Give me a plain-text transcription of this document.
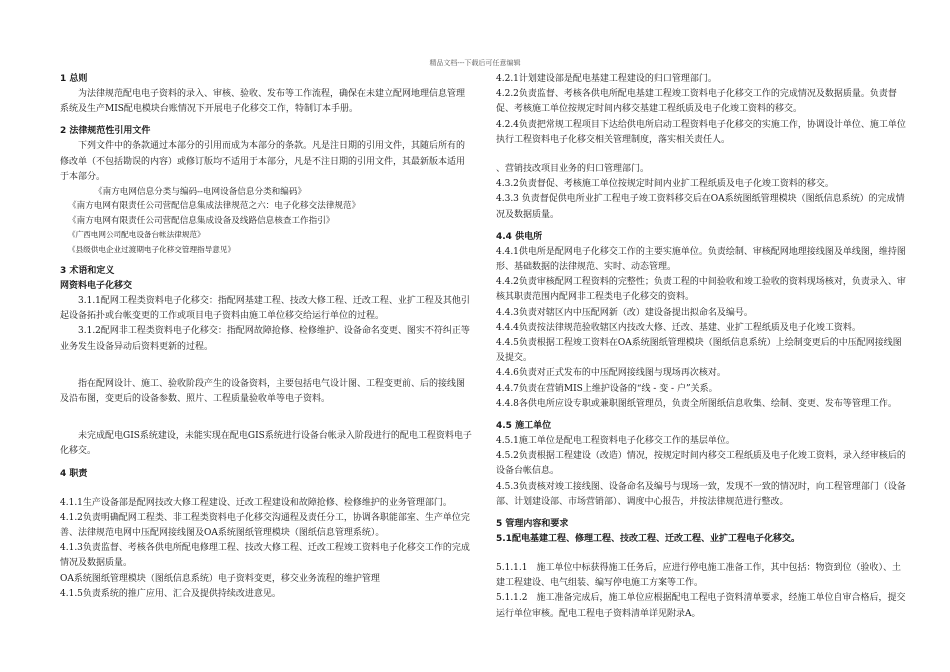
精品文档---下载后可任意编辑

1 总则

为法律规范配电电子资料的录入、审核、验收、发布等工作流程，确保在未建立配网地理信息管理系统及生产MIS配电模块台账情况下开展电子化移交工作，特制订本手册。

2 法律规范性引用文件

下列文件中的条款通过本部分的引用而成为本部分的条款。凡是注日期的引用文件，其随后所有的修改单（不包括勘误的内容）或修订版均不适用于本部分，凡是不注日期的引用文件，其最新版本适用于本部分。

《南方电网信息分类与编码--电网设备信息分类和编码》

《南方电网有限责任公司营配信息集成法律规范之六：电子化移交法律规范》

《南方电网有限责任公司营配信息集成设备及线路信息核查工作指引》

《广西电网公司配电设备台帐法律规范》

《县级供电企业过渡期电子化移交管理指导意见》

3 术语和定义

网资料电子化移交

3.1.1配网工程类资料电子化移交：指配网基建工程、技改大修工程、迁改工程、业扩工程及其他引起设备拓扑或台帐变更的工作或项目电子资料由施工单位移交给运行单位的过程。

3.1.2配网非工程类资料电子化移交：指配网故障抢修、检修维护、设备命名变更、图实不符纠正等业务发生设备异动后资料更新的过程。

指在配网设计、施工、验收阶段产生的设备资料，主要包括电气设计图、工程变更前、后的接线图及沿布图，变更后的设备参数、照片、工程质量验收单等电子资料。

未完成配电GIS系统建设，未能实现在配电GIS系统进行设备台帐录入阶段进行的配电工程资料电子化移交。

4 职责

4.1.1生产设备部是配网技改大修工程建设、迁改工程建设和故障抢修、检修维护的业务管理部门。

4.1.2负责明确配网工程类、非工程类资料电子化移交沟通程及责任分工，协调各职能部室、生产单位完善、法律规范电网中压配网接线图及OA系统图纸管理模块（图纸信息管理系统）。

4.1.3负责监督、考核各供电所配电修理工程、技改大修工程、迁改工程竣工资料电子化移交工作的完成情况及数据质量。

OA系统图纸管理模块（图纸信息系统）电子资料变更，移交业务流程的维护管理

4.1.5负责系统的推广应用、汇合及提供持续改进意见。

4.2.1计划建设部是配电基建工程建设的归口管理部门。

4.2.2负责监督、考核各供电所配电基建工程竣工资料电子化移交工作的完成情况及数据质量。负责督促、考核施工单位按规定时间内移交基建工程纸质及电子化竣工资料的移交。

4.2.4负责把常规工程项目下达给供电所启动工程资料电子化移交的实施工作，协调设计单位、施工单位执行工程资料电子化移交相关管理制度，落实相关责任人。

、营销技改项目业务的归口管理部门。

4.3.2负责督促、考核施工单位按规定时间内业扩工程纸质及电子化竣工资料的移交。

4.3.3 负责督促供电所业扩工程电子竣工资料移交后在OA系统图纸管理模块（图纸信息系统）的完成情况及数据质量。

4.4 供电所

4.4.1供电所是配网电子化移交工作的主要实施单位。负责绘制、审核配网地理接线图及单线图，维持图形、基础数据的法律规范、实时、动态管理。

4.4.2负责审核配网工程资料的完整性；负责工程的中间验收和竣工验收的资料现场核对，负责录入、审核其职责范围内配网非工程类电子化移交的资料。

4.4.3负责对辖区内中压配网新（改）建设备提出拟命名及编号。

4.4.4负责按法律规范验收辖区内技改大修、迁改、基建、业扩工程纸质及电子化竣工资料。

4.4.5负责根据工程竣工资料在OA系统图纸管理模块（图纸信息系统）上绘制变更后的中压配网接线图及提交。

4.4.6负责对正式发布的中压配网接线图与现场再次核对。

4.4.7负责在营销MIS上维护设备的“线 - 变 - 户”关系。

4.4.8各供电所应设专职或兼职图纸管理员，负责全所图纸信息收集、绘制、变更、发布等管理工作。

4.5 施工单位

4.5.1施工单位是配电工程资料电子化移交工作的基层单位。

4.5.2负责根据工程建设（改造）情况，按规定时间内移交工程纸质及电子化竣工资料，录入经审核后的设备台帐信息。

4.5.3负责核对竣工接线图、设备命名及编号与现场一致，发现不一致的情况时，向工程管理部门（设备部、计划建设部、市场营销部）、调度中心报告，并按法律规范进行整改。

5 管理内容和要求

5.1配电基建工程、修理工程、技改工程、迁改工程、业扩工程电子化移交。

5.1.1.1　施工单位中标获得施工任务后，应进行停电施工准备工作，其中包括：物资到位（验收）、土建工程建设、电气组装、编写停电施工方案等工作。

5.1.1.2　施工准备完成后，施工单位应根据配电工程电子资料清单要求，经施工单位自审合格后，提交运行单位审核。配电工程电子资料清单详见附录A。
